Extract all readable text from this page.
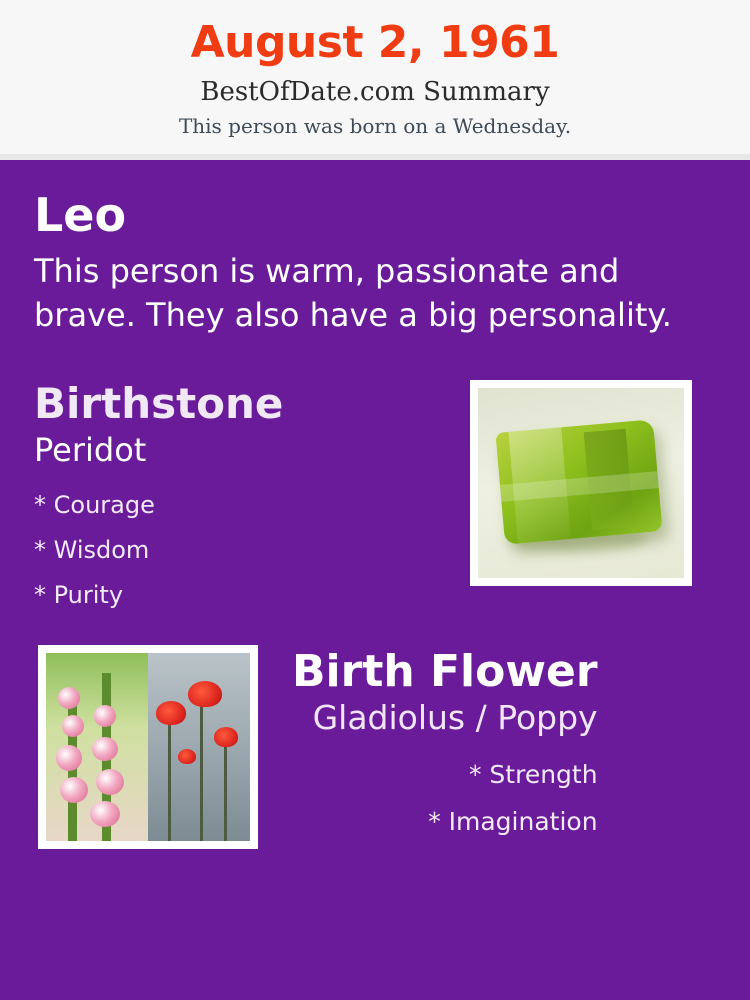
August 2, 1961
BestOfDate.com Summary
This person was born on a Wednesday.
Leo
This person is warm, passionate and brave. They also have a big personality.
Birthstone
Peridot
* Courage
* Wisdom
* Purity
Birth Flower
Gladiolus / Poppy
* Strength
* Imagination
